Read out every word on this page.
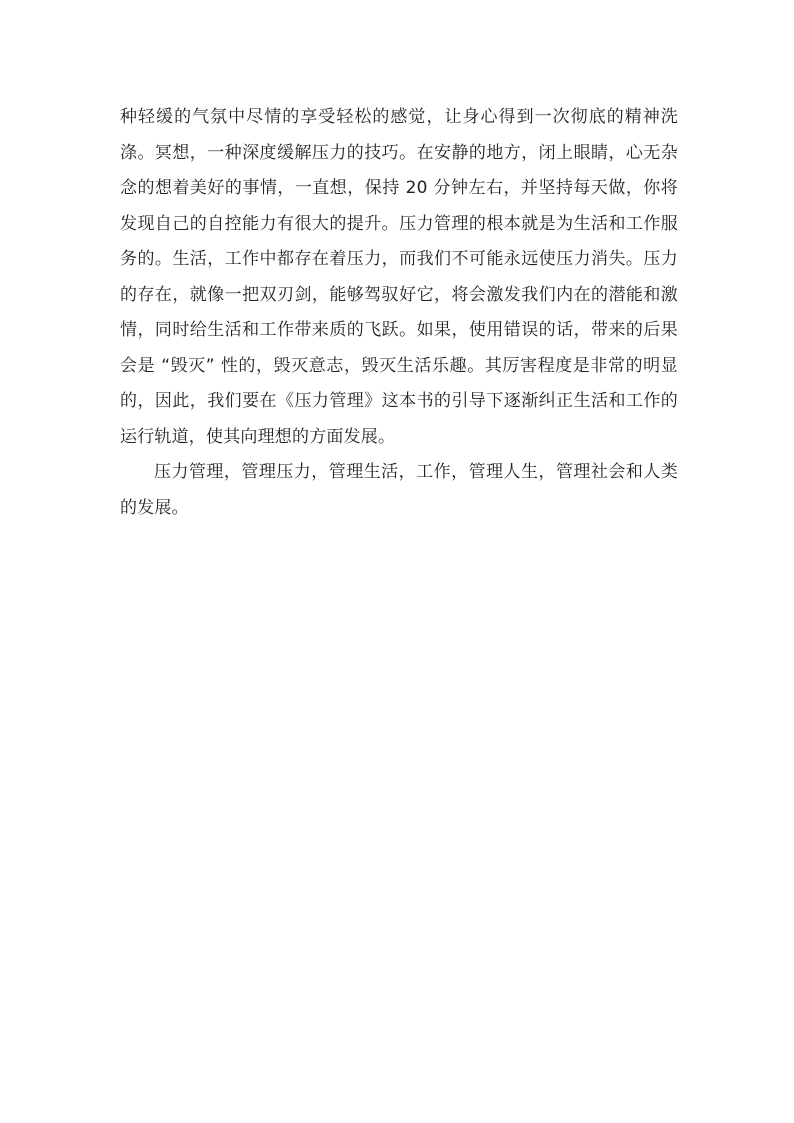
种轻缓的气氛中尽情的享受轻松的感觉，让身心得到一次彻底的精神洗涤。冥想，一种深度缓解压力的技巧。在安静的地方，闭上眼睛，心无杂念的想着美好的事情，一直想，保持 20 分钟左右，并坚持每天做，你将发现自己的自控能力有很大的提升。压力管理的根本就是为生活和工作服务的。生活，工作中都存在着压力，而我们不可能永远使压力消失。压力的存在，就像一把双刃剑，能够驾驭好它，将会激发我们内在的潜能和激情，同时给生活和工作带来质的飞跃。如果，使用错误的话，带来的后果会是 “毁灭” 性的，毁灭意志，毁灭生活乐趣。其厉害程度是非常的明显的，因此，我们要在《压力管理》这本书的引导下逐渐纠正生活和工作的运行轨道，使其向理想的方面发展。

压力管理，管理压力，管理生活，工作，管理人生，管理社会和人类的发展。
